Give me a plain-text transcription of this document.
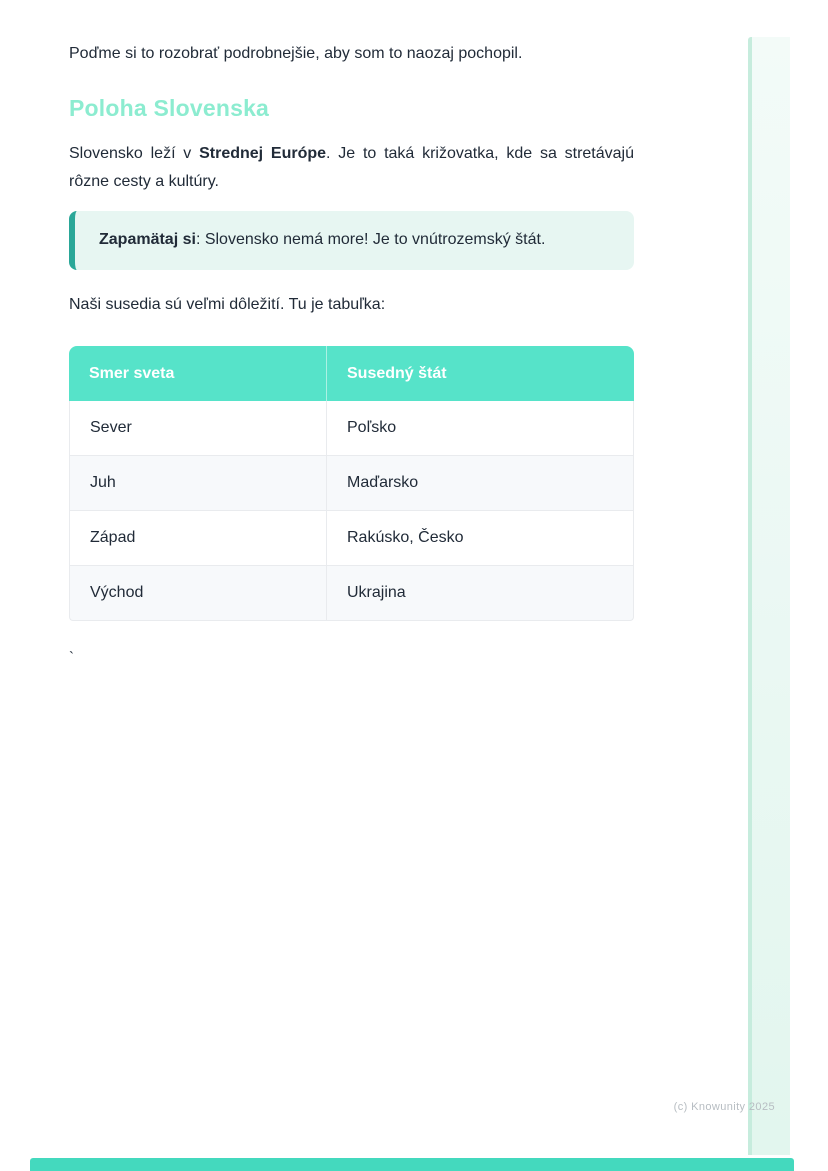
Poďme si to rozobrať podrobnejšie, aby som to naozaj pochopil.

Poloha Slovenska

Slovensko leží v Strednej Európe. Je to taká križovatka, kde sa stretávajú rôzne cesty a kultúry.

Zapamätaj si: Slovensko nemá more! Je to vnútrozemský štát.

Naši susedia sú veľmi dôležití. Tu je tabuľka:

Smer sveta	Susedný štát
Sever	Poľsko
Juh	Maďarsko
Západ	Rakúsko, Česko
Východ	Ukrajina

`

(c) Knowunity 2025
